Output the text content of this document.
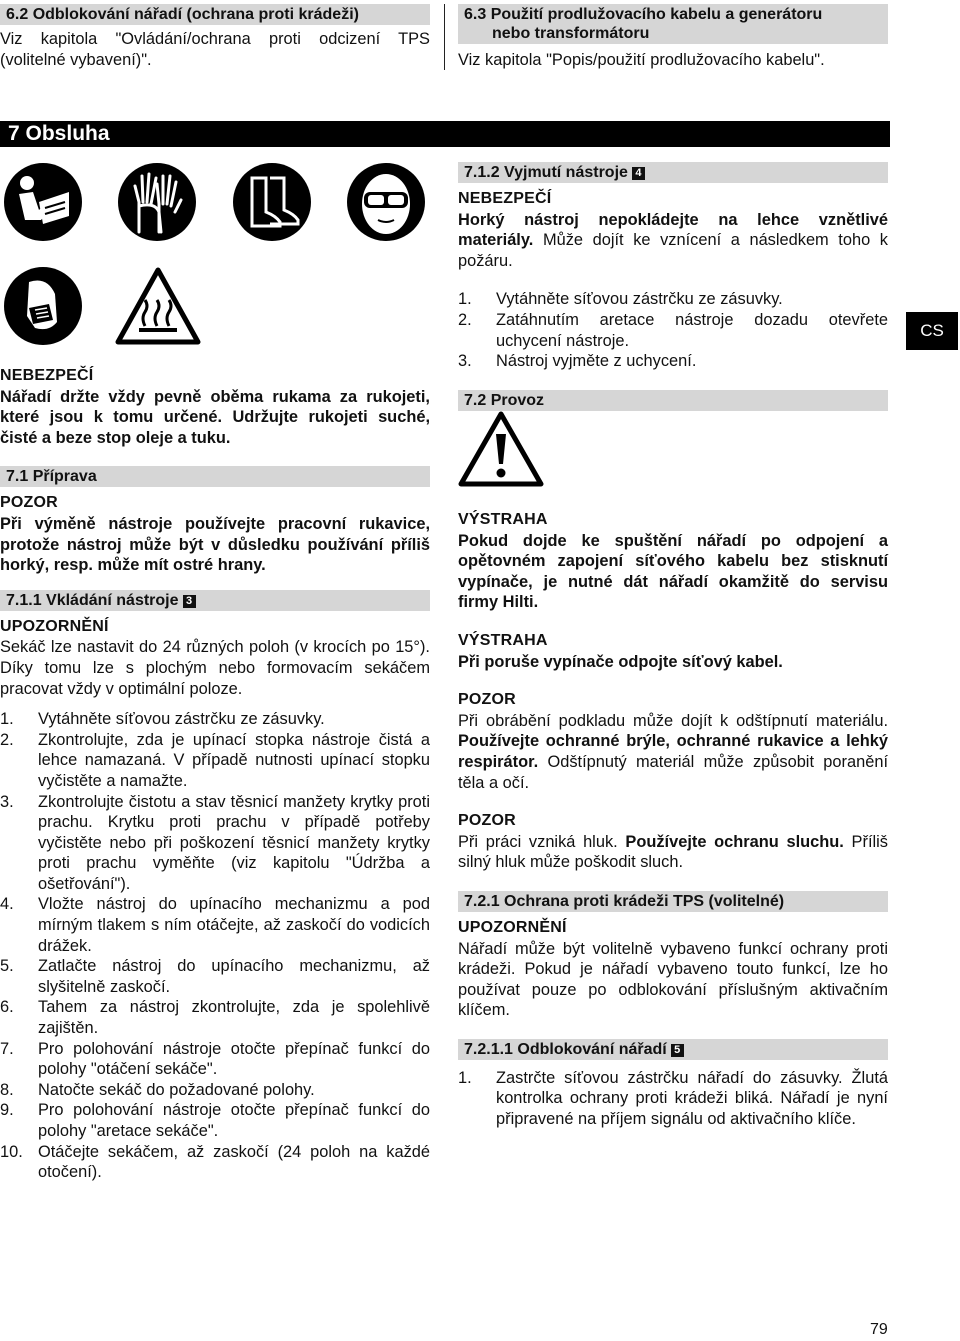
6.2 Odblokování nářadí (ochrana proti krádeži)

Viz kapitola "Ovládání/ochrana proti odcizení TPS (volitelné vybavení)".

6.3 Použití prodlužovacího kabelu a generátoru
nebo transformátoru

Viz kapitola "Popis/použití prodlužovacího kabelu".

7 Obsluha
NEBEZPEČÍ

Nářadí držte vždy pevně oběma rukama za rukojeti, které jsou k tomu určené. Udržujte rukojeti suché, čisté a beze stop oleje a tuku.

7.1 Příprava
POZOR

Při výměně nástroje používejte pracovní rukavice, protože nástroj může být v důsledku používání příliš horký, resp. může mít ostré hrany.

7.1.1 Vkládání nástroje 3
UPOZORNĚNÍ

Sekáč lze nastavit do 24 různých poloh (v krocích po 15°). Díky tomu lze s plochým nebo formovacím sekáčem pracovat vždy v optimální poloze.

1. Vytáhněte síťovou zástrčku ze zásuvky.
2. Zkontrolujte, zda je upínací stopka nástroje čistá a lehce namazaná. V případě nutnosti upínací stopku vyčistěte a namažte.
3. Zkontrolujte čistotu a stav těsnicí manžety krytky proti prachu. Krytku proti prachu v případě potřeby vyčistěte nebo při poškození těsnicí manžety krytky proti prachu vyměňte (viz kapitolu "Údržba a ošetřování").
4. Vložte nástroj do upínacího mechanizmu a pod mírným tlakem s ním otáčejte, až zaskočí do vodicích drážek.
5. Zatlačte nástroj do upínacího mechanizmu, až slyšitelně zaskočí.
6. Tahem za nástroj zkontrolujte, zda je spolehlivě zajištěn.
7. Pro polohování nástroje otočte přepínač funkcí do polohy "otáčení sekáče".
8. Natočte sekáč do požadované polohy.
9. Pro polohování nástroje otočte přepínač funkcí do polohy "aretace sekáče".
10. Otáčejte sekáčem, až zaskočí (24 poloh na každé otočení).
7.1.2 Vyjmutí nástroje 4
NEBEZPEČÍ

Horký nástroj nepokládejte na lehce vznětlivé materiály. Může dojít ke vznícení a následkem toho k požáru.

1. Vytáhněte síťovou zástrčku ze zásuvky.
2. Zatáhnutím aretace nástroje dozadu otevřete uchycení nástroje.
3. Nástroj vyjměte z uchycení.
7.2 Provoz
VÝSTRAHA

Pokud dojde ke spuštění nářadí po odpojení a opětovném zapojení síťového kabelu bez stisknutí vypínače, je nutné dát nářadí okamžitě do servisu firmy Hilti.

VÝSTRAHA

Při poruše vypínače odpojte síťový kabel.

POZOR

Při obrábění podkladu může dojít k odštípnutí materiálu. Používejte ochranné brýle, ochranné rukavice a lehký respirátor. Odštípnutý materiál může způsobit poranění těla a očí.

POZOR

Při práci vzniká hluk. Používejte ochranu sluchu. Příliš silný hluk může poškodit sluch.

7.2.1 Ochrana proti krádeži TPS (volitelné)
UPOZORNĚNÍ

Nářadí může být volitelně vybaveno funkcí ochrany proti krádeži. Pokud je nářadí vybaveno touto funkcí, lze ho používat pouze po odblokování příslušným aktivačním klíčem.

7.2.1.1 Odblokování nářadí 5
1. Zastrčte síťovou zástrčku nářadí do zásuvky. Žlutá kontrolka ochrany proti krádeži bliká. Nářadí je nyní připravené na příjem signálu od aktivačního klíče.
CS
79
